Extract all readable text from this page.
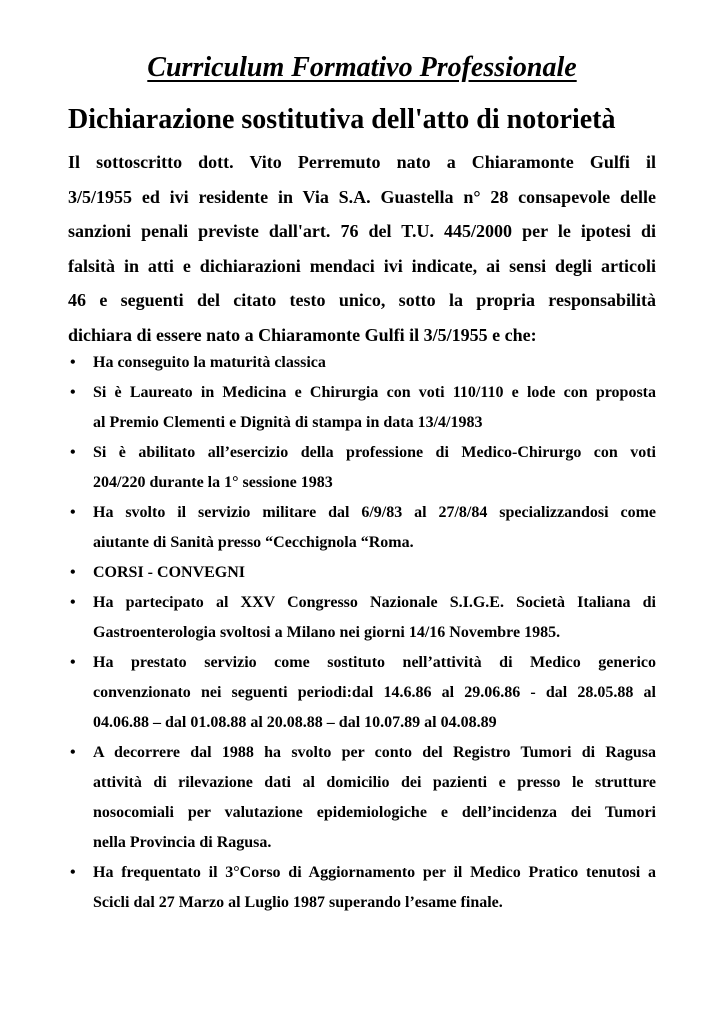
Curriculum Formativo Professionale
Dichiarazione sostitutiva dell'atto di notorietà
Il sottoscritto dott. Vito Perremuto nato a Chiaramonte Gulfi il
3/5/1955 ed ivi residente in Via S.A. Guastella n° 28 consapevole delle
sanzioni penali previste dall'art. 76 del T.U. 445/2000 per le ipotesi di
falsità in atti e dichiarazioni mendaci ivi indicate, ai sensi degli articoli
46 e seguenti del citato testo unico, sotto la propria responsabilità
dichiara di essere nato a Chiaramonte Gulfi il 3/5/1955 e che:
• Ha conseguito la maturità classica
• Si è Laureato in Medicina e Chirurgia con voti 110/110 e lode con proposta
al Premio Clementi e Dignità di stampa in data 13/4/1983
• Si è abilitato all’esercizio della professione di Medico-Chirurgo con voti
204/220 durante la 1° sessione 1983
• Ha svolto il servizio militare dal 6/9/83 al 27/8/84 specializzandosi come
aiutante di Sanità presso “Cecchignola “Roma.
• CORSI - CONVEGNI
• Ha partecipato al XXV Congresso Nazionale S.I.G.E. Società Italiana di
Gastroenterologia svoltosi a Milano nei giorni 14/16 Novembre 1985.
• Ha prestato servizio come sostituto nell’attività di Medico generico
convenzionato nei seguenti periodi:dal 14.6.86 al 29.06.86 - dal 28.05.88 al
04.06.88 – dal 01.08.88 al 20.08.88 – dal 10.07.89 al 04.08.89
• A decorrere dal 1988 ha svolto per conto del Registro Tumori di Ragusa
attività di rilevazione dati al domicilio dei pazienti e presso le strutture
nosocomiali per valutazione epidemiologiche e dell’incidenza dei Tumori
nella Provincia di Ragusa.
• Ha frequentato il 3°Corso di Aggiornamento per il Medico Pratico tenutosi a
Scicli dal 27 Marzo al Luglio 1987 superando l’esame finale.
